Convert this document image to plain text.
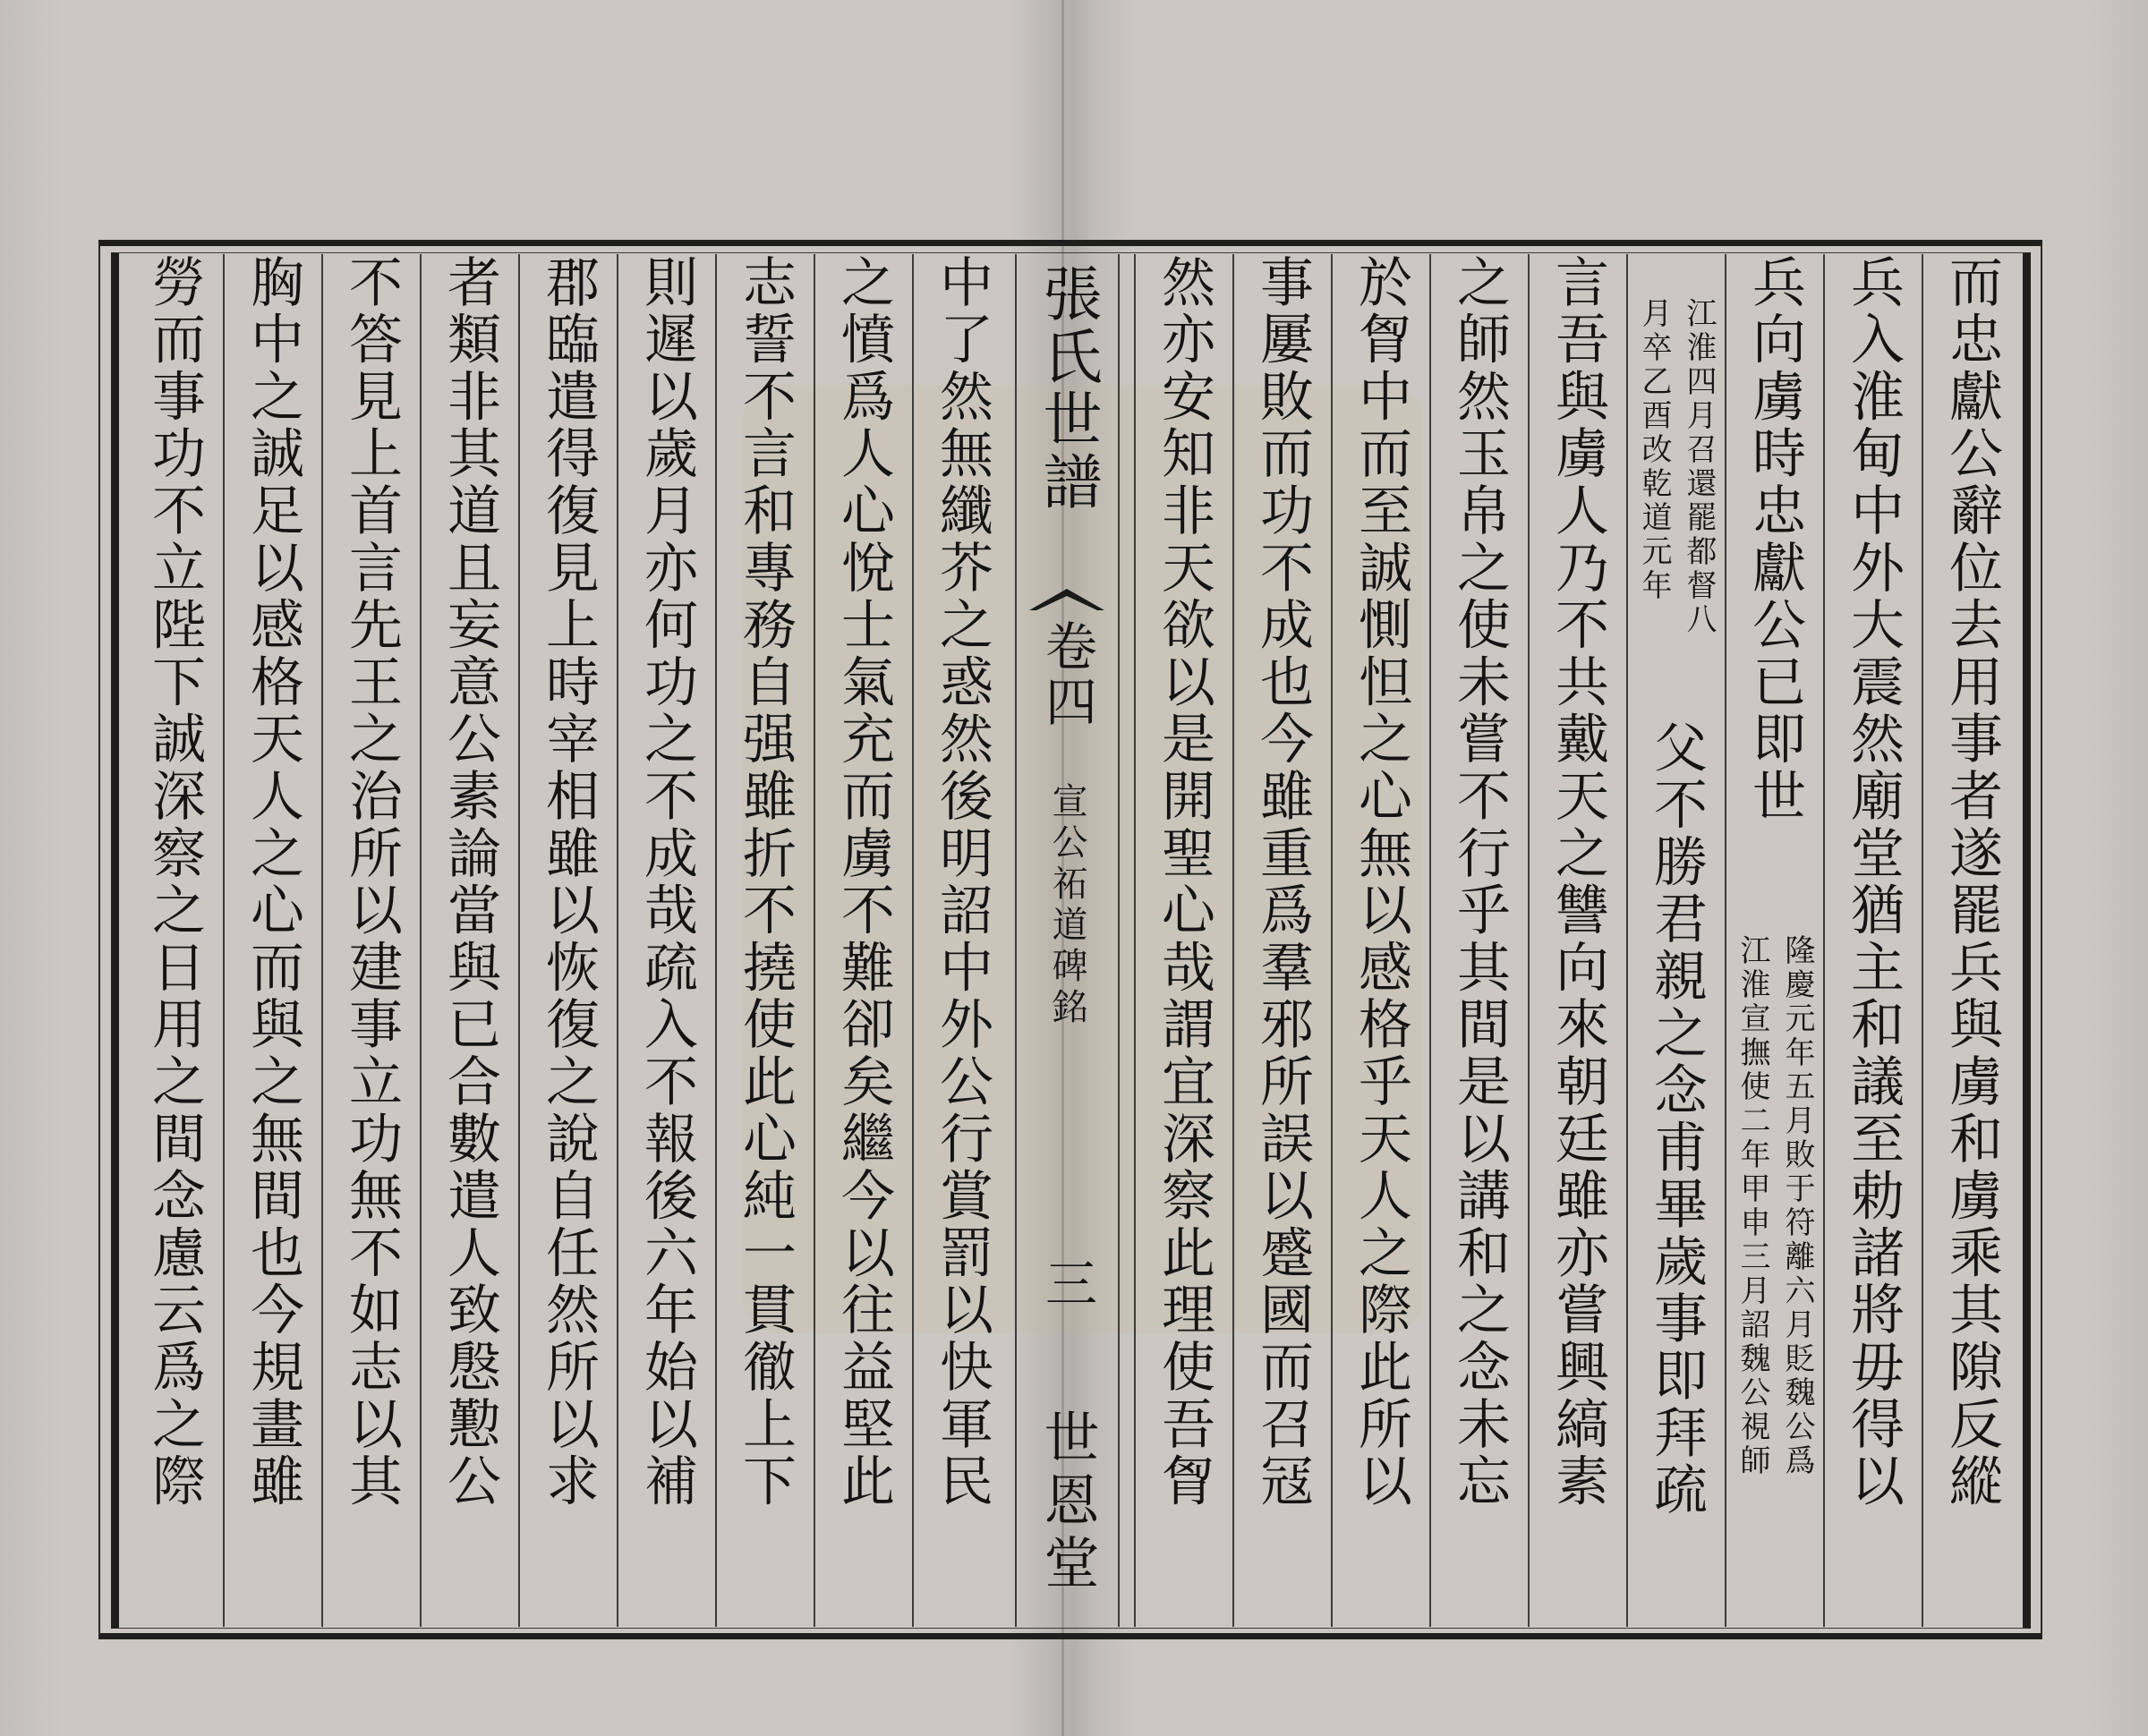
而忠獻公辭位去用事者遂罷兵與虜和虜乘其隙反縱
兵入淮甸中外大震然廟堂猶主和議至勅諸將毋得以
兵向虜時忠獻公已即世
隆慶元年五月敗于符離六月貶魏公爲
江淮宣撫使二年甲申三月詔魏公視師
江淮四月召還罷都督八
月卒乙酉改乾道元年
父不勝君親之念甫畢歲事即拜疏
言吾與虜人乃不共戴天之讐向來朝廷雖亦嘗興縞素
之師然玉帛之使未嘗不行乎其間是以講和之念未忘
於胷中而至誠惻怛之心無以感格乎天人之際此所以
事屢敗而功不成也今雖重爲羣邪所誤以蹙國而召冦
然亦安知非天欲以是開聖心哉謂宜深察此理使吾胷
張氏世譜
卷四
宣公祏道碑銘
三
世恩堂
中了然無纖芥之惑然後明詔中外公行賞罰以快軍民
之憤爲人心悅士氣充而虜不難卻矣繼今以往益堅此
志誓不言和專務自强雖折不撓使此心純一貫徹上下
則遲以歲月亦何功之不成哉疏入不報後六年始以補
郡臨遣得復見上時宰相雖以恢復之說自任然所以求
者類非其道且妄意公素論當與已合數遣人致慇懃公
不答見上首言先王之治所以建事立功無不如志以其
胸中之誠足以感格天人之心而與之無間也今規畫雖
勞而事功不立陛下誠深察之日用之間念慮云爲之際
